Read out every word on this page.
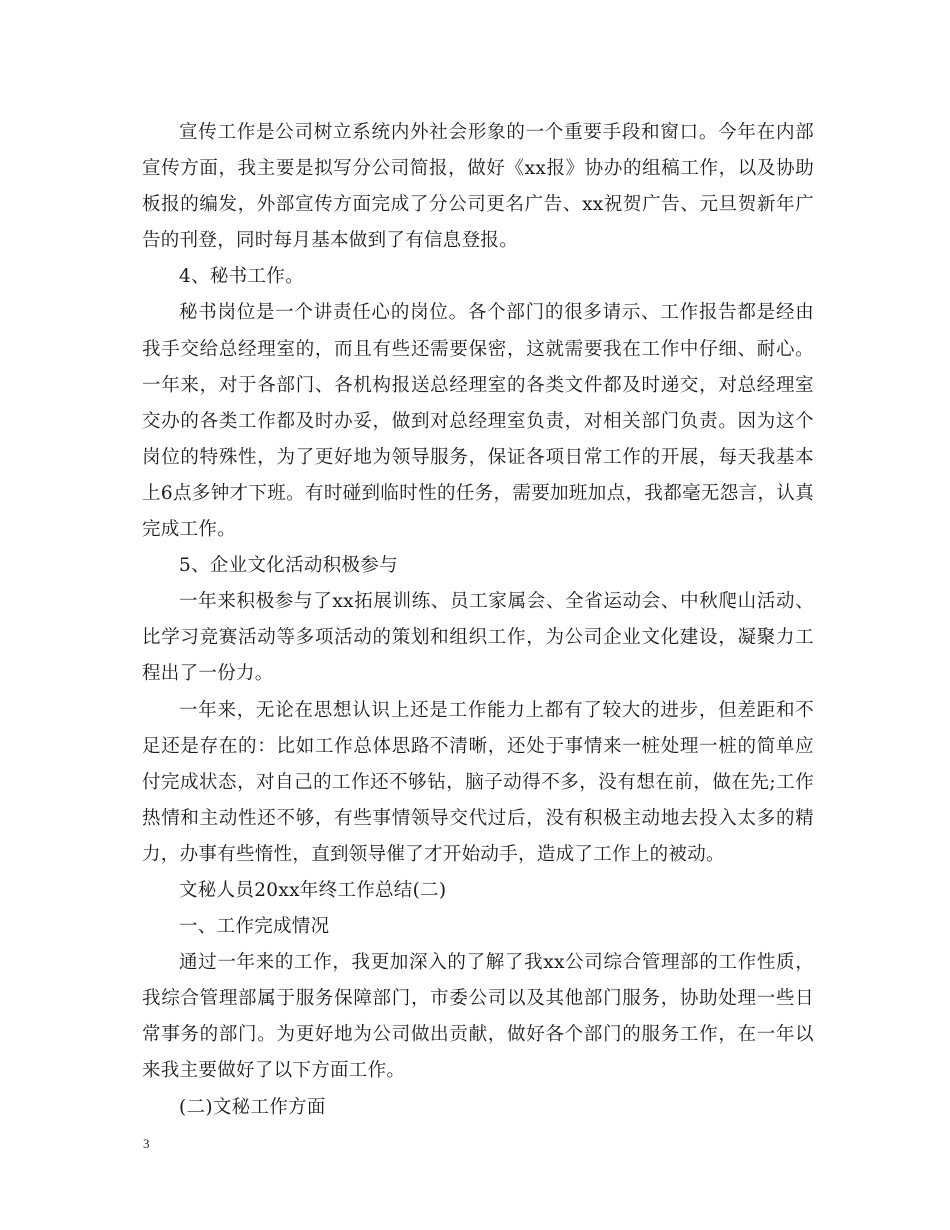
宣传工作是公司树立系统内外社会形象的一个重要手段和窗口。今年在内部宣传方面，我主要是拟写分公司简报，做好《xx报》协办的组稿工作，以及协助板报的编发，外部宣传方面完成了分公司更名广告、xx祝贺广告、元旦贺新年广告的刊登，同时每月基本做到了有信息登报。

4、秘书工作。

秘书岗位是一个讲责任心的岗位。各个部门的很多请示、工作报告都是经由我手交给总经理室的，而且有些还需要保密，这就需要我在工作中仔细、耐心。一年来，对于各部门、各机构报送总经理室的各类文件都及时递交，对总经理室交办的各类工作都及时办妥，做到对总经理室负责，对相关部门负责。因为这个岗位的特殊性，为了更好地为领导服务，保证各项日常工作的开展，每天我基本上6点多钟才下班。有时碰到临时性的任务，需要加班加点，我都毫无怨言，认真完成工作。

5、企业文化活动积极参与

一年来积极参与了xx拓展训练、员工家属会、全省运动会、中秋爬山活动、比学习竞赛活动等多项活动的策划和组织工作，为公司企业文化建设，凝聚力工程出了一份力。

一年来，无论在思想认识上还是工作能力上都有了较大的进步，但差距和不足还是存在的：比如工作总体思路不清晰，还处于事情来一桩处理一桩的简单应付完成状态，对自己的工作还不够钻，脑子动得不多，没有想在前，做在先;工作热情和主动性还不够，有些事情领导交代过后，没有积极主动地去投入太多的精力，办事有些惰性，直到领导催了才开始动手，造成了工作上的被动。

文秘人员20xx年终工作总结(二)

一、工作完成情况

通过一年来的工作，我更加深入的了解了我xx公司综合管理部的工作性质，我综合管理部属于服务保障部门，市委公司以及其他部门服务，协助处理一些日常事务的部门。为更好地为公司做出贡献，做好各个部门的服务工作，在一年以来我主要做好了以下方面工作。

(二)文秘工作方面

3
